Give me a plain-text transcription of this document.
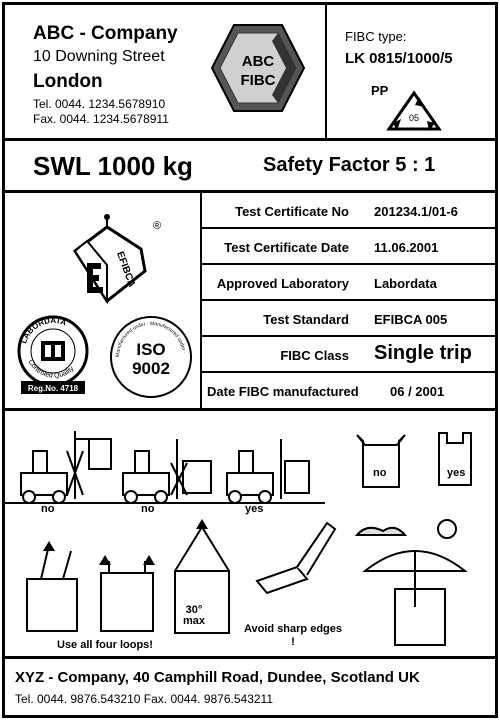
ABC - Company
10 Downing Street
London
Tel. 0044. 1234.5678910
Fax. 0044. 1234.5678911
ABC
FIBC
FIBC type:
LK 0815/1000/5
PP
05
SWL 1000 kg	Safety Factor 5 : 1
EFIBCA
®
LABORDATA
Controled Quality
Reg.No. 4718
Manufactured under · Manufactured under ·
ISO
9002
Test Certificate No 201234.1/01-6
Test Certificate Date 11.06.2001
Approved Laboratory Labordata
Test Standard EFIBCA 005
FIBC Class Single trip
Date FIBC manufactured 06 / 2001
no	no	yes
no	yes
Use all four loops!
30° max
Avoid sharp edges !
XYZ - Company, 40 Camphill Road, Dundee, Scotland UK
Tel. 0044. 9876.543210 Fax. 0044. 9876.543211
